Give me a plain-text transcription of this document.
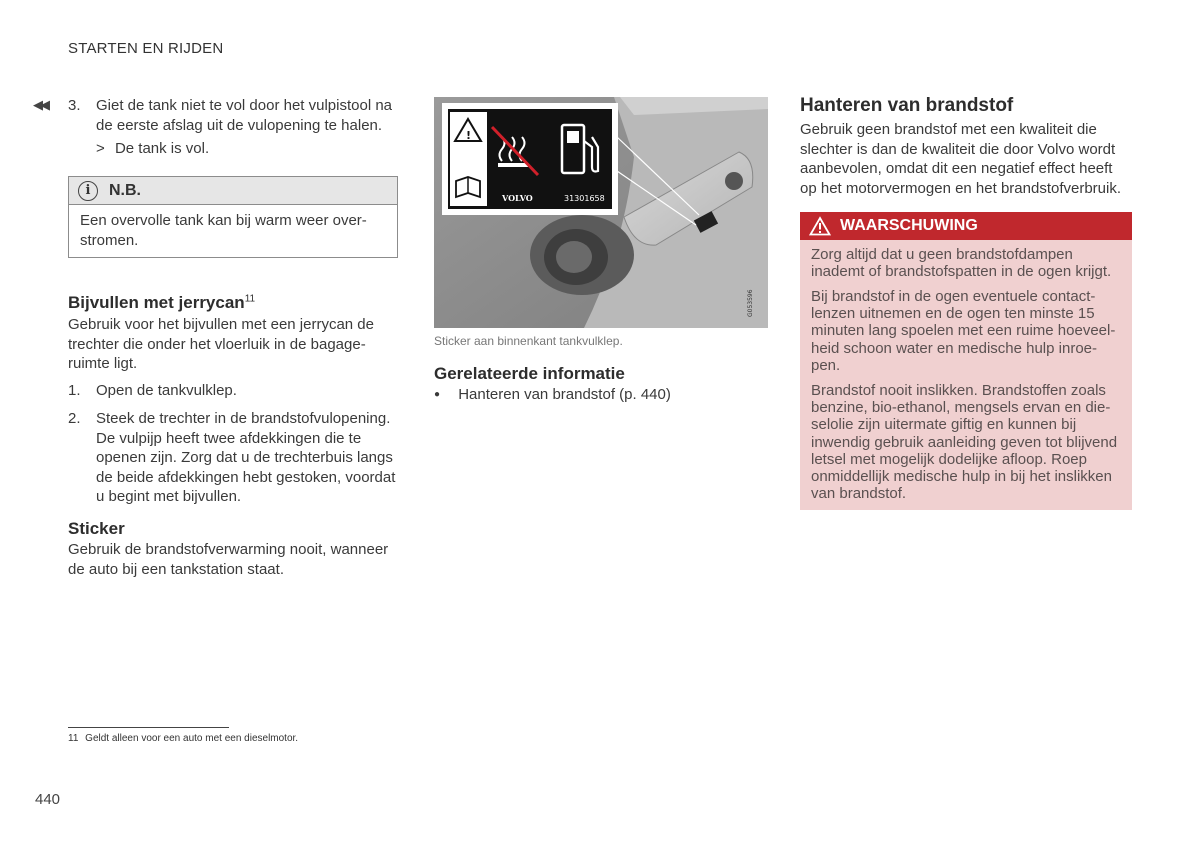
STARTEN EN RIJDEN
◀◀ 3. Giet de tank niet te vol door het vulpistool na
de eerste afslag uit de vulopening te halen.
> De tank is vol.
i	N.B.
Een overvolle tank kan bij warm weer over-
stromen.
Bijvullen met jerrycan$^{11}$
Gebruik voor het bijvullen met een jerrycan de
trechter die onder het vloerluik in de bagage-
ruimte ligt.
1. Open de tankvulklep.
2. Steek de trechter in de brandstofvulopening.
De vulpijp heeft twee afdekkingen die te
openen zijn. Zorg dat u de trechterbuis langs
de beide afdekkingen hebt gestoken, voordat
u begint met bijvullen.
Sticker
Gebruik de brandstofverwarming nooit, wanneer
de auto bij een tankstation staat.
!
VOLVO	31301658
G053596
Sticker aan binnenkant tankvulklep.
Gerelateerde informatie
● Hanteren van brandstof (p. 440)
Hanteren van brandstof
Gebruik geen brandstof met een kwaliteit die
slechter is dan de kwaliteit die door Volvo wordt
aanbevolen, omdat dit een negatief effect heeft
op het motorvermogen en het brandstofverbruik.
WAARSCHUWING
Zorg altijd dat u geen brandstofdampen
inademt of brandstofspatten in de ogen krijgt.
Bij brandstof in de ogen eventuele contact-
lenzen uitnemen en de ogen ten minste 15
minuten lang spoelen met een ruime hoeveel-
heid schoon water en medische hulp inroe-
pen.
Brandstof nooit inslikken. Brandstoffen zoals
benzine, bio-ethanol, mengsels ervan en die-
selolie zijn uitermate giftig en kunnen bij
inwendig gebruik aanleiding geven tot blijvend
letsel met mogelijk dodelijke afloop. Roep
onmiddellijk medische hulp in bij het inslikken
van brandstof.
11 Geldt alleen voor een auto met een dieselmotor.
440
